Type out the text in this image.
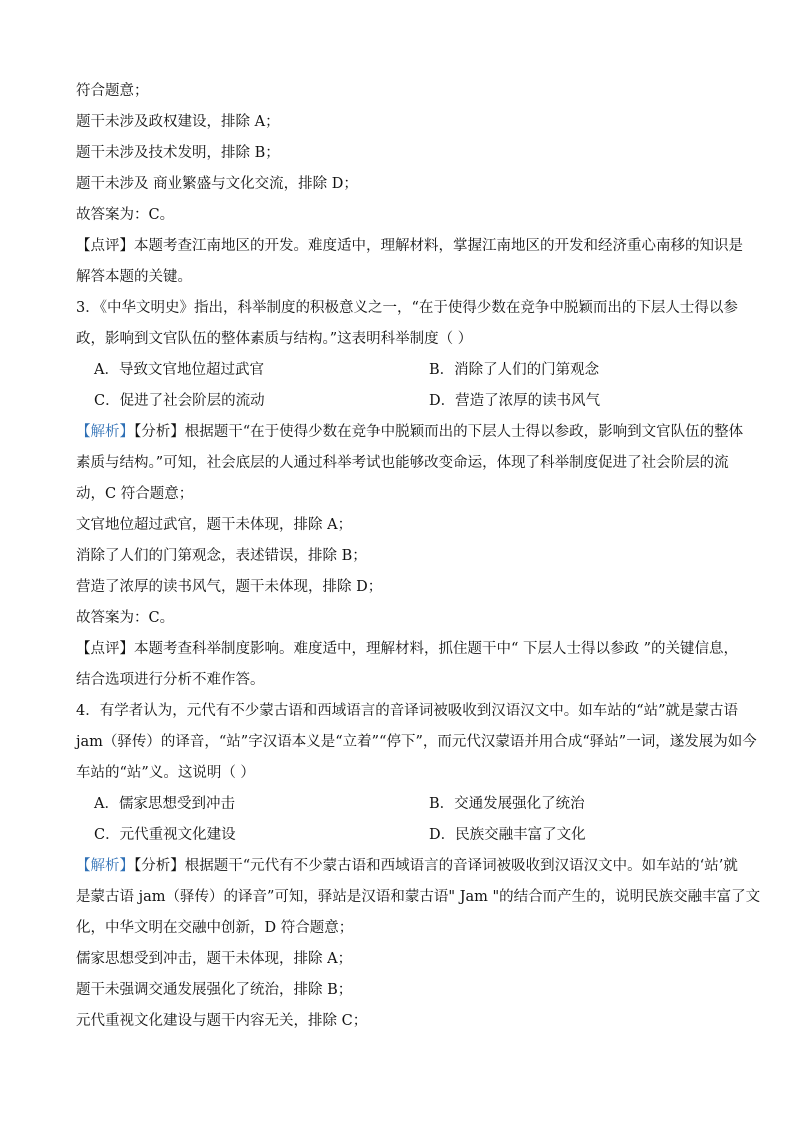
符合题意；
题干未涉及政权建设，排除 A；
题干未涉及技术发明，排除 B；
题干未涉及 商业繁盛与文化交流，排除 D；
故答案为：C。
【点评】本题考查江南地区的开发。难度适中，理解材料，掌握江南地区的开发和经济重心南移的知识是
解答本题的关键。
3．《中华文明史》指出，科举制度的积极意义之一，“在于使得少数在竞争中脱颖而出的下层人士得以参
政，影响到文官队伍的整体素质与结构。”这表明科举制度（ ）
A．导致文官地位超过武官	B．消除了人们的门第观念
C．促进了社会阶层的流动	D．营造了浓厚的读书风气
【解析】【分析】根据题干“在于使得少数在竞争中脱颖而出的下层人士得以参政，影响到文官队伍的整体
素质与结构。”可知，社会底层的人通过科举考试也能够改变命运，体现了科举制度促进了社会阶层的流
动，C 符合题意；
文官地位超过武官，题干未体现，排除 A；
消除了人们的门第观念，表述错误，排除 B；
营造了浓厚的读书风气，题干未体现，排除 D；
故答案为：C。
【点评】本题考查科举制度影响。难度适中，理解材料，抓住题干中“ 下层人士得以参政 ”的关键信息，
结合选项进行分析不难作答。
4．有学者认为，元代有不少蒙古语和西域语言的音译词被吸收到汉语汉文中。如车站的“站”就是蒙古语
jam（驿传）的译音，“站”字汉语本义是“立着”“停下”，而元代汉蒙语并用合成“驿站”一词，遂发展为如今
车站的“站”义。这说明（ ）
A．儒家思想受到冲击	B．交通发展强化了统治
C．元代重视文化建设	D．民族交融丰富了文化
【解析】【分析】根据题干“元代有不少蒙古语和西域语言的音译词被吸收到汉语汉文中。如车站的‘站’就
是蒙古语 jam（驿传）的译音”可知，驿站是汉语和蒙古语" Jam "的结合而产生的，说明民族交融丰富了文
化，中华文明在交融中创新，D 符合题意；
儒家思想受到冲击，题干未体现，排除 A；
题干未强调交通发展强化了统治，排除 B；
元代重视文化建设与题干内容无关，排除 C；
